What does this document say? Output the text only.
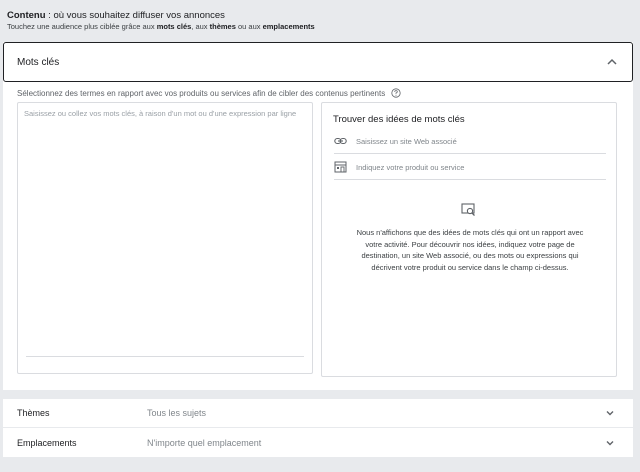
Contenu : où vous souhaitez diffuser vos annonces
Touchez une audience plus ciblée grâce aux mots clés, aux thèmes ou aux emplacements
Mots clés
Sélectionnez des termes en rapport avec vos produits ou services afin de cibler des contenus pertinents
Saisissez ou collez vos mots clés, à raison d'un mot ou d'une expression par ligne
Trouver des idées de mots clés
Saisissez un site Web associé
Indiquez votre produit ou service
Nous n'affichons que des idées de mots clés qui ont un rapport avec votre activité. Pour découvrir nos idées, indiquez votre page de destination, un site Web associé, ou des mots ou expressions qui décrivent votre produit ou service dans le champ ci-dessus.
Thèmes	Tous les sujets
Emplacements	N'importe quel emplacement
